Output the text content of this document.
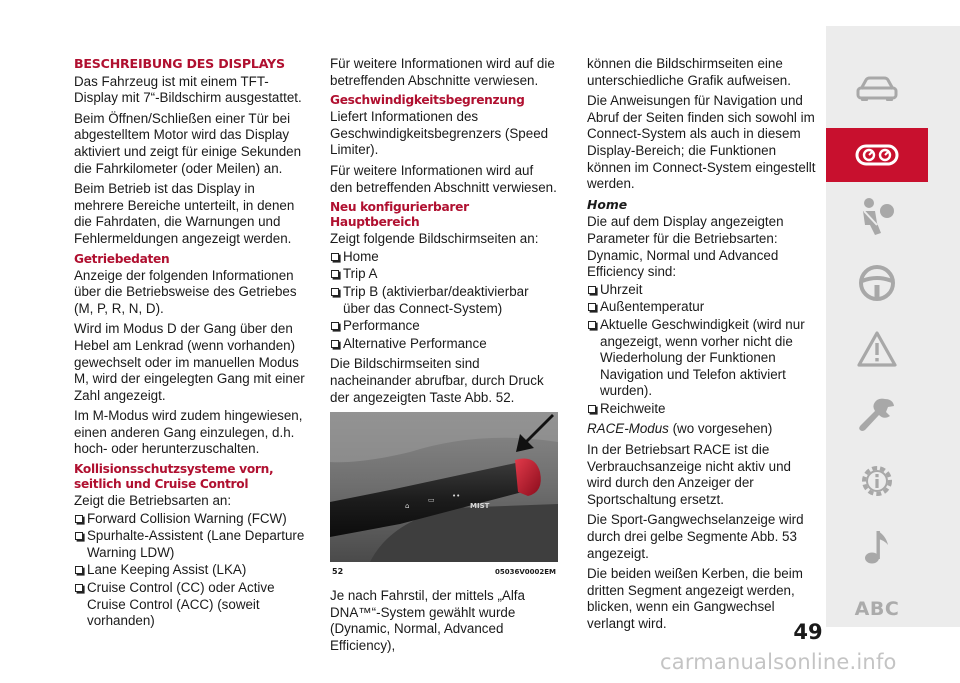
BESCHREIBUNG DES DISPLAYS

Das Fahrzeug ist mit einem TFT-Display mit 7“-Bildschirm ausgestattet.

Beim Öffnen/Schließen einer Tür bei abgestelltem Motor wird das Display aktiviert und zeigt für einige Sekunden die Fahrkilometer (oder Meilen) an.

Beim Betrieb ist das Display in mehrere Bereiche unterteilt, in denen die Fahrdaten, die Warnungen und Fehlermeldungen angezeigt werden.

Getriebedaten

Anzeige der folgenden Informationen über die Betriebsweise des Getriebes (M, P, R, N, D).

Wird im Modus D der Gang über den Hebel am Lenkrad (wenn vorhanden) gewechselt oder im manuellen Modus M, wird der eingelegten Gang mit einer Zahl angezeigt.

Im M-Modus wird zudem hingewiesen, einen anderen Gang einzulegen, d.h. hoch- oder herunterzuschalten.

Kollisionsschutzsysteme vorn, seitlich und Cruise Control

Zeigt die Betriebsarten an:

Forward Collision Warning (FCW)
Spurhalte-Assistent (Lane Departure Warning LDW)
Lane Keeping Assist (LKA)
Cruise Control (CC) oder Active Cruise Control (ACC) (soweit vorhanden)

Für weitere Informationen wird auf die betreffenden Abschnitte verwiesen.

Geschwindigkeitsbegrenzung

Liefert Informationen des Geschwindigkeitsbegrenzers (Speed Limiter).

Für weitere Informationen wird auf den betreffenden Abschnitt verwiesen.

Neu konfigurierbarer Hauptbereich

Zeigt folgende Bildschirmseiten an:

Home
Trip A
Trip B (aktivierbar/deaktivierbar über das Connect-System)
Performance
Alternative Performance

Die Bildschirmseiten sind nacheinander abrufbar, durch Druck der angezeigten Taste Abb. 52.

⌂
▭ ••
MIST
52	05036V0002EM

Je nach Fahrstil, der mittels „Alfa DNA™“-System gewählt wurde (Dynamic, Normal, Advanced Efficiency),

können die Bildschirmseiten eine unterschiedliche Grafik aufweisen.

Die Anweisungen für Navigation und Abruf der Seiten finden sich sowohl im Connect-System als auch in diesem Display-Bereich; die Funktionen können im Connect-System eingestellt werden.

Home

Die auf dem Display angezeigten Parameter für die Betriebsarten: Dynamic, Normal und Advanced Efficiency sind:

Uhrzeit
Außentemperatur
Aktuelle Geschwindigkeit (wird nur angezeigt, wenn vorher nicht die Wiederholung der Funktionen Navigation und Telefon aktiviert wurden).
Reichweite

RACE-Modus (wo vorgesehen)

In der Betriebsart RACE ist die Verbrauchsanzeige nicht aktiv und wird durch den Anzeiger der Sportschaltung ersetzt.

Die Sport-Gangwechselanzeige wird durch drei gelbe Segmente Abb. 53 angezeigt.

Die beiden weißen Kerben, die beim dritten Segment angezeigt werden, blicken, wenn ein Gangwechsel verlangt wird.

ABC
49
carmanualsonline.info
